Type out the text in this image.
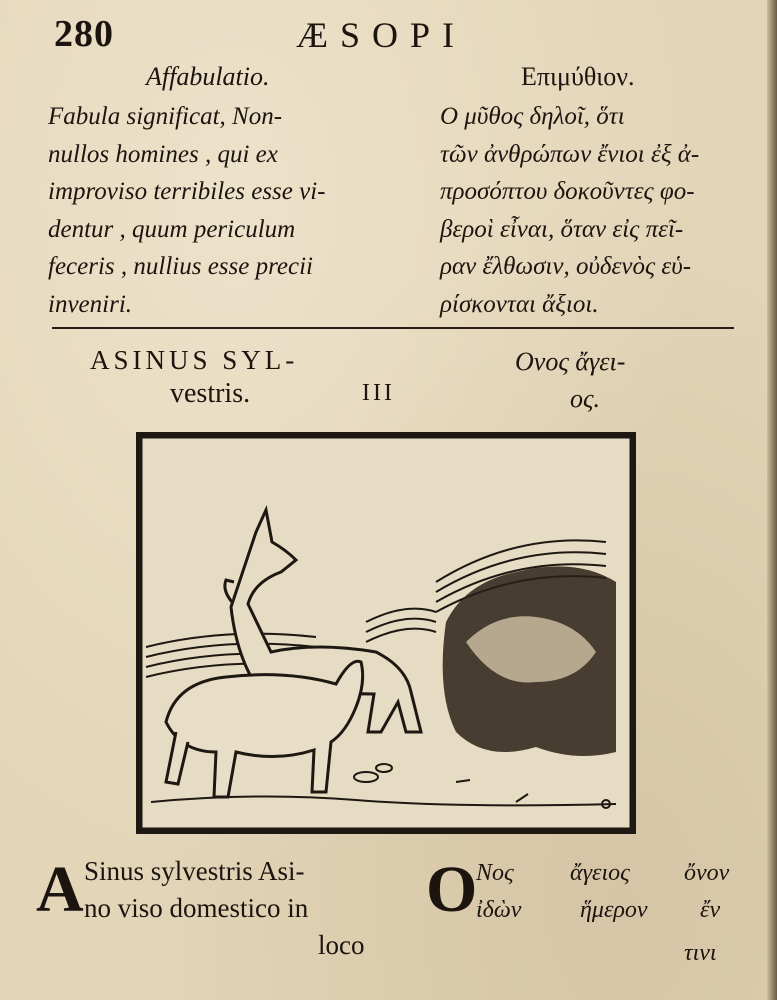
280	ÆSOPI
Affabulatio.	Επιμύθιον.
Fabula significat, Non-
nullos homines , qui ex
improviso terribiles esse vi-
dentur , quum periculum
feceris , nullius esse precii
inveniri.
Ο μῦθος δηλοῖ, ὅτι
τῶν ἀνθρώπων ἔνιοι ἐξ ἀ-
προσόπτου δοκοῦντες φο-
βεροὶ εἶναι, ὅταν εἰς πεῖ-
ραν ἔλθωσιν, οὐδενὸς εὑ-
ρίσκονται ἄξιοι.
ASINUS SYL-
vestris.	III
Ονος ἄγει-
ος.
A Sinus sylvestris Asi-
no viso domestico in
loco
O
Νος ἄγειος ὄνον
ἰδὼν ἥμερον ἔν
τινι
